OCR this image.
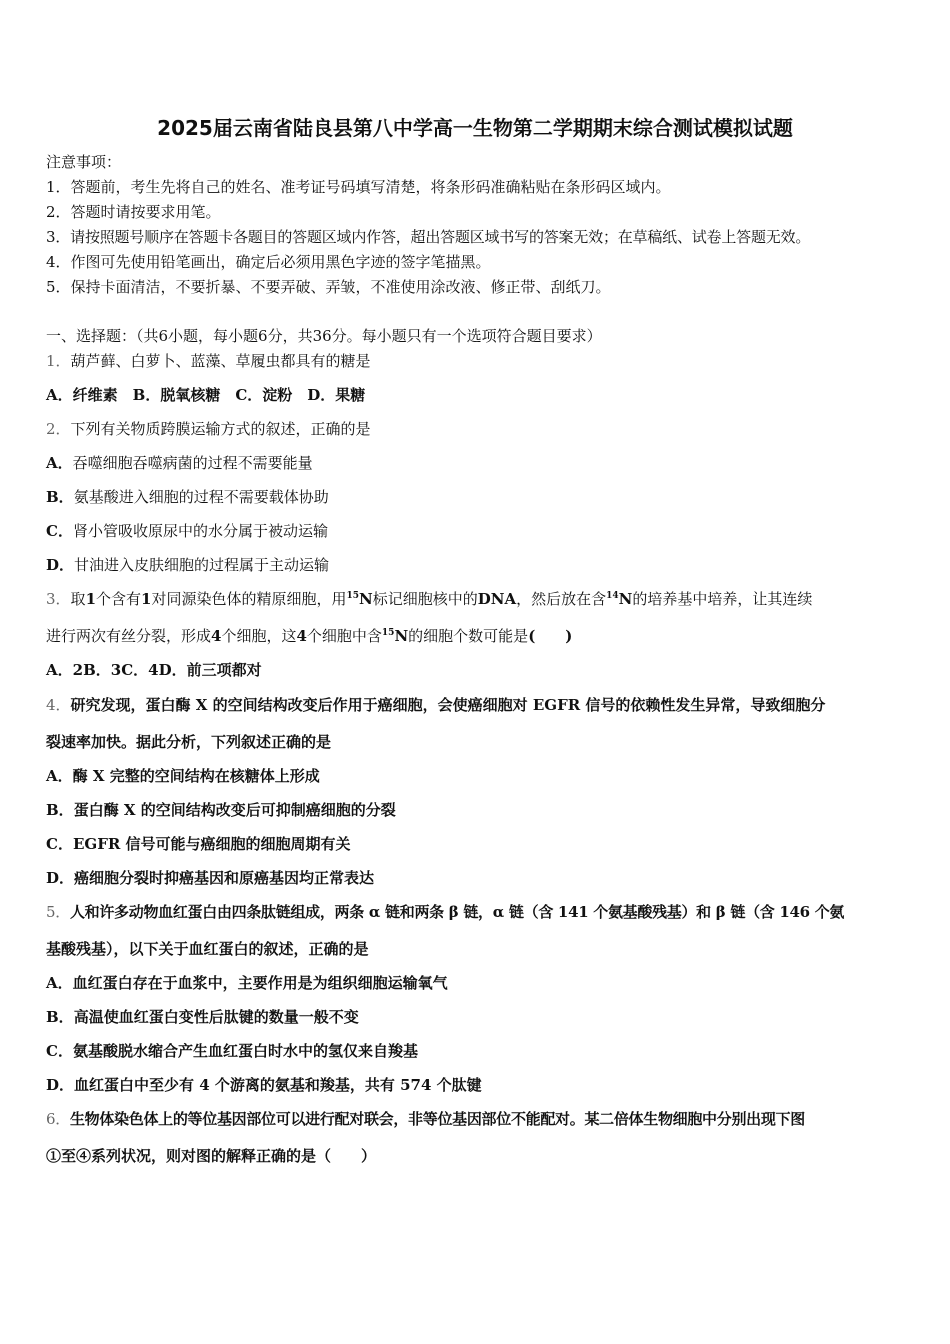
2025届云南省陆良县第八中学高一生物第二学期期末综合测试模拟试题
注意事项：
1．答题前，考生先将自己的姓名、准考证号码填写清楚，将条形码准确粘贴在条形码区域内。
2．答题时请按要求用笔。
3．请按照题号顺序在答题卡各题目的答题区域内作答，超出答题区域书写的答案无效；在草稿纸、试卷上答题无效。
4．作图可先使用铅笔画出，确定后必须用黑色字迹的签字笔描黑。
5．保持卡面清洁，不要折暴、不要弄破、弄皱，不准使用涂改液、修正带、刮纸刀。
一、选择题：（共6小题，每小题6分，共36分。每小题只有一个选项符合题目要求）
1．葫芦藓、白萝卜、蓝藻、草履虫都具有的糖是
A．纤维素　B．脱氧核糖　C．淀粉　D．果糖
2．下列有关物质跨膜运输方式的叙述，正确的是
A．吞噬细胞吞噬病菌的过程不需要能量
B．氨基酸进入细胞的过程不需要载体协助
C．肾小管吸收原尿中的水分属于被动运输
D．甘油进入皮肤细胞的过程属于主动运输
3．取1个含有1对同源染色体的精原细胞，用$^{15}$N标记细胞核中的DNA，然后放在含$^{14}$N的培养基中培养，让其连续
进行两次有丝分裂，形成4个细胞，这4个细胞中含$^{15}$N的细胞个数可能是(　　)
A．2B．3C．4D．前三项都对
4．研究发现，蛋白酶 X 的空间结构改变后作用于癌细胞，会使癌细胞对 EGFR 信号的依赖性发生异常，导致细胞分
裂速率加快。据此分析，下列叙述正确的是
A．酶 X 完整的空间结构在核糖体上形成
B．蛋白酶 X 的空间结构改变后可抑制癌细胞的分裂
C．EGFR 信号可能与癌细胞的细胞周期有关
D．癌细胞分裂时抑癌基因和原癌基因均正常表达
5．人和许多动物血红蛋白由四条肽链组成，两条 α 链和两条 β 链，α 链（含 141 个氨基酸残基）和 β 链（含 146 个氨
基酸残基），以下关于血红蛋白的叙述，正确的是
A．血红蛋白存在于血浆中，主要作用是为组织细胞运输氧气
B．高温使血红蛋白变性后肽键的数量一般不变
C．氨基酸脱水缩合产生血红蛋白时水中的氢仅来自羧基
D．血红蛋白中至少有 4 个游离的氨基和羧基，共有 574 个肽键
6．生物体染色体上的等位基因部位可以进行配对联会，非等位基因部位不能配对。某二倍体生物细胞中分别出现下图
①至④系列状况，则对图的解释正确的是（　　）
